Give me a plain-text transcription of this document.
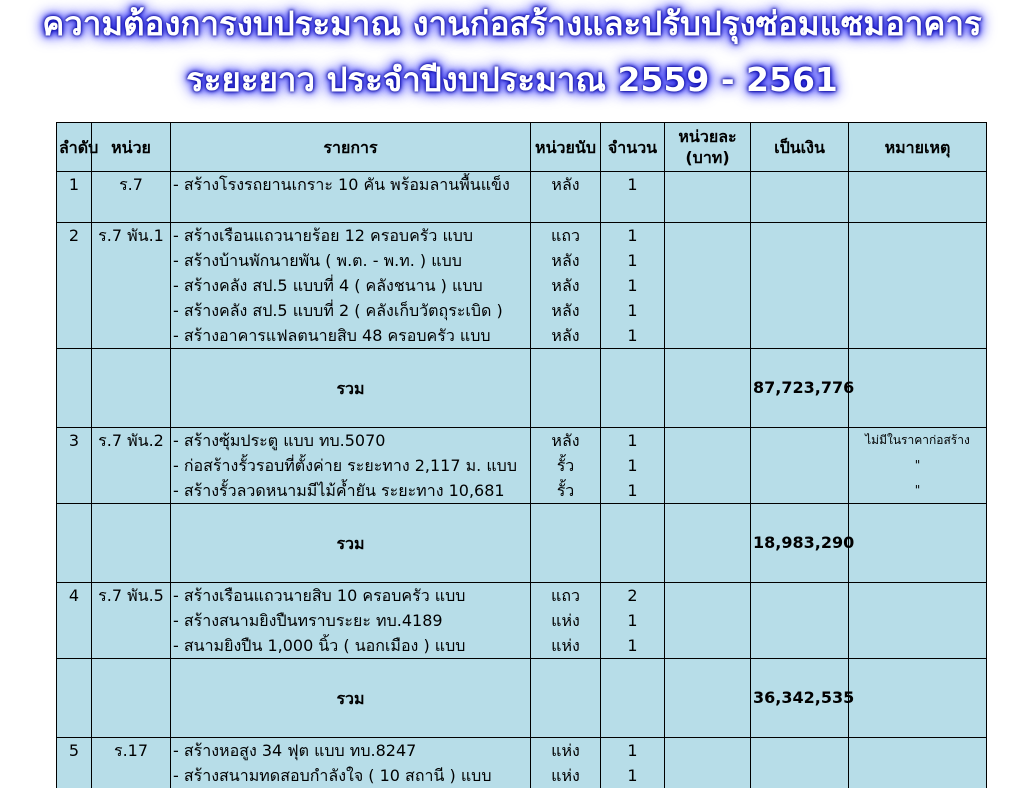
ความต้องการงบประมาณ งานก่อสร้างและปรับปรุงซ่อมแซมอาคาร
ระยะยาว ประจำปีงบประมาณ 2559 - 2561
ลำดับ	หน่วย	รายการ	หน่วยนับ	จำนวน	หน่วยละ (บาท)	เป็นเงิน	หมายเหตุ
1	ร.7	- สร้างโรงรถยานเกราะ 10 คัน พร้อมลานพื้นแข็ง	หลัง	1			

2	ร.7 พัน.1	- สร้างเรือนแถวนายร้อย 12 ครอบครัว แบบ	แถว	1			
		- สร้างบ้านพักนายพัน ( พ.ต. - พ.ท. ) แบบ	หลัง	1			
		- สร้างคลัง สป.5 แบบที่ 4 ( คลังชนาน ) แบบ	หลัง	1			
		- สร้างคลัง สป.5 แบบที่ 2 ( คลังเก็บวัตถุระเบิด )	หลัง	1			
		- สร้างอาคารแฟลตนายสิบ 48 ครอบครัว แบบ	หลัง	1			
		รวม				87,723,776	
3	ร.7 พัน.2	- สร้างซุ้มประตู แบบ ทบ.5070	หลัง	1			ไม่มีในราคาก่อสร้าง
		- ก่อสร้างรั้วรอบที่ตั้งค่าย ระยะทาง 2,117 ม. แบบ	รั้ว	1			"
		- สร้างรั้วลวดหนามมีไม้ค้ำยัน ระยะทาง 10,681	รั้ว	1			"
		รวม				18,983,290	
4	ร.7 พัน.5	- สร้างเรือนแถวนายสิบ 10 ครอบครัว แบบ	แถว	2			
		- สร้างสนามยิงปืนทราบระยะ ทบ.4189	แห่ง	1			
		- สนามยิงปืน 1,000 นิ้ว ( นอกเมือง ) แบบ	แห่ง	1			
		รวม				36,342,535	
5	ร.17	- สร้างหอสูง 34 ฟุต แบบ ทบ.8247	แห่ง	1			
		- สร้างสนามทดสอบกำลังใจ ( 10 สถานี ) แบบ	แห่ง	1			
